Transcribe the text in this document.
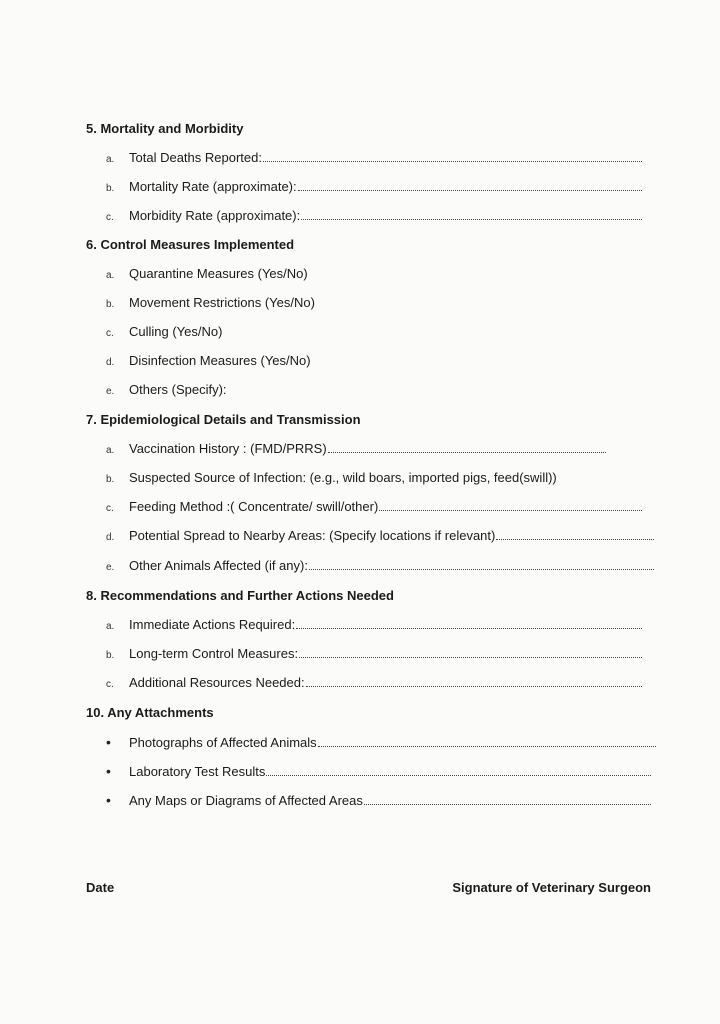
5. Mortality and Morbidity
a.	Total Deaths Reported:
b.	Mortality Rate (approximate):
c.	Morbidity Rate (approximate):
6. Control Measures Implemented
a.	Quarantine Measures (Yes/No)
b.	Movement Restrictions (Yes/No)
c.	Culling (Yes/No)
d.	Disinfection Measures (Yes/No)
e.	Others (Specify):
7. Epidemiological Details and Transmission
a.	Vaccination History : (FMD/PRRS)
b.	Suspected Source of Infection: (e.g., wild boars, imported pigs, feed(swill))
c.	Feeding Method :( Concentrate/ swill/other)
d.	Potential Spread to Nearby Areas: (Specify locations if relevant)
e.	Other Animals Affected (if any):
8. Recommendations and Further Actions Needed
a.	Immediate Actions Required:
b.	Long-term Control Measures:
c.	Additional Resources Needed:
10. Any Attachments
•	Photographs of Affected Animals
•	Laboratory Test Results
•	Any Maps or Diagrams of Affected Areas
Date	Signature of Veterinary Surgeon
